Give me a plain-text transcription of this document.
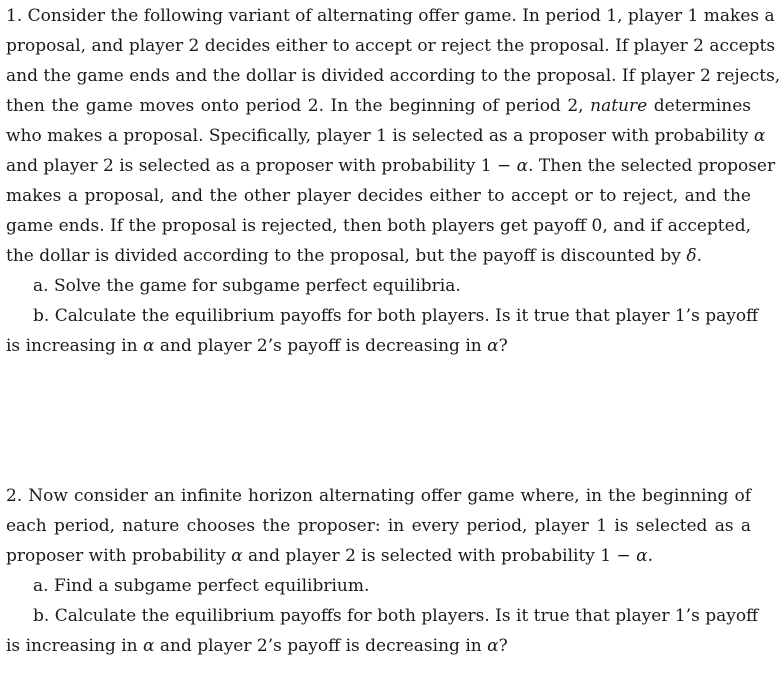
1. Consider the following variant of alternating offer game. In period 1, player 1 makes a
proposal, and player 2 decides either to accept or reject the proposal. If player 2 accepts
and the game ends and the dollar is divided according to the proposal. If player 2 rejects,
then the game moves onto period 2. In the beginning of period 2, nature determines
who makes a proposal. Specifically, player 1 is selected as a proposer with probability α
and player 2 is selected as a proposer with probability 1 − α. Then the selected proposer
makes a proposal, and the other player decides either to accept or to reject, and the
game ends. If the proposal is rejected, then both players get payoff 0, and if accepted,
the dollar is divided according to the proposal, but the payoff is discounted by δ.
a. Solve the game for subgame perfect equilibria.
b. Calculate the equilibrium payoffs for both players. Is it true that player 1’s payoff
is increasing in α and player 2’s payoff is decreasing in α?
2. Now consider an infinite horizon alternating offer game where, in the beginning of
each period, nature chooses the proposer: in every period, player 1 is selected as a
proposer with probability α and player 2 is selected with probability 1 − α.
a. Find a subgame perfect equilibrium.
b. Calculate the equilibrium payoffs for both players. Is it true that player 1’s payoff
is increasing in α and player 2’s payoff is decreasing in α?
